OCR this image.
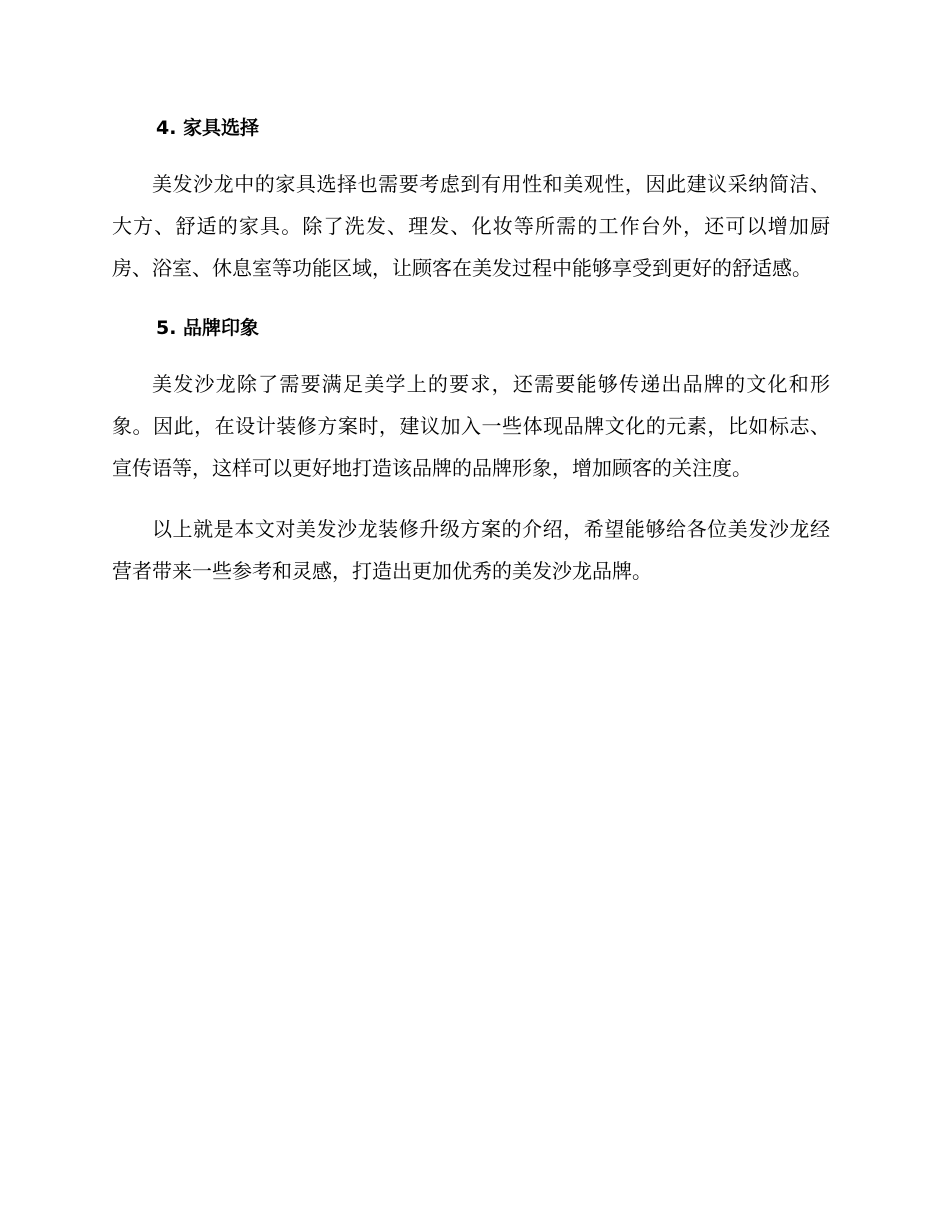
4. 家具选择

美发沙龙中的家具选择也需要考虑到有用性和美观性，因此建议采纳简洁、大方、舒适的家具。除了洗发、理发、化妆等所需的工作台外，还可以增加厨房、浴室、休息室等功能区域，让顾客在美发过程中能够享受到更好的舒适感。

5. 品牌印象

美发沙龙除了需要满足美学上的要求，还需要能够传递出品牌的文化和形象。因此，在设计装修方案时，建议加入一些体现品牌文化的元素，比如标志、宣传语等，这样可以更好地打造该品牌的品牌形象，增加顾客的关注度。

以上就是本文对美发沙龙装修升级方案的介绍，希望能够给各位美发沙龙经营者带来一些参考和灵感，打造出更加优秀的美发沙龙品牌。
